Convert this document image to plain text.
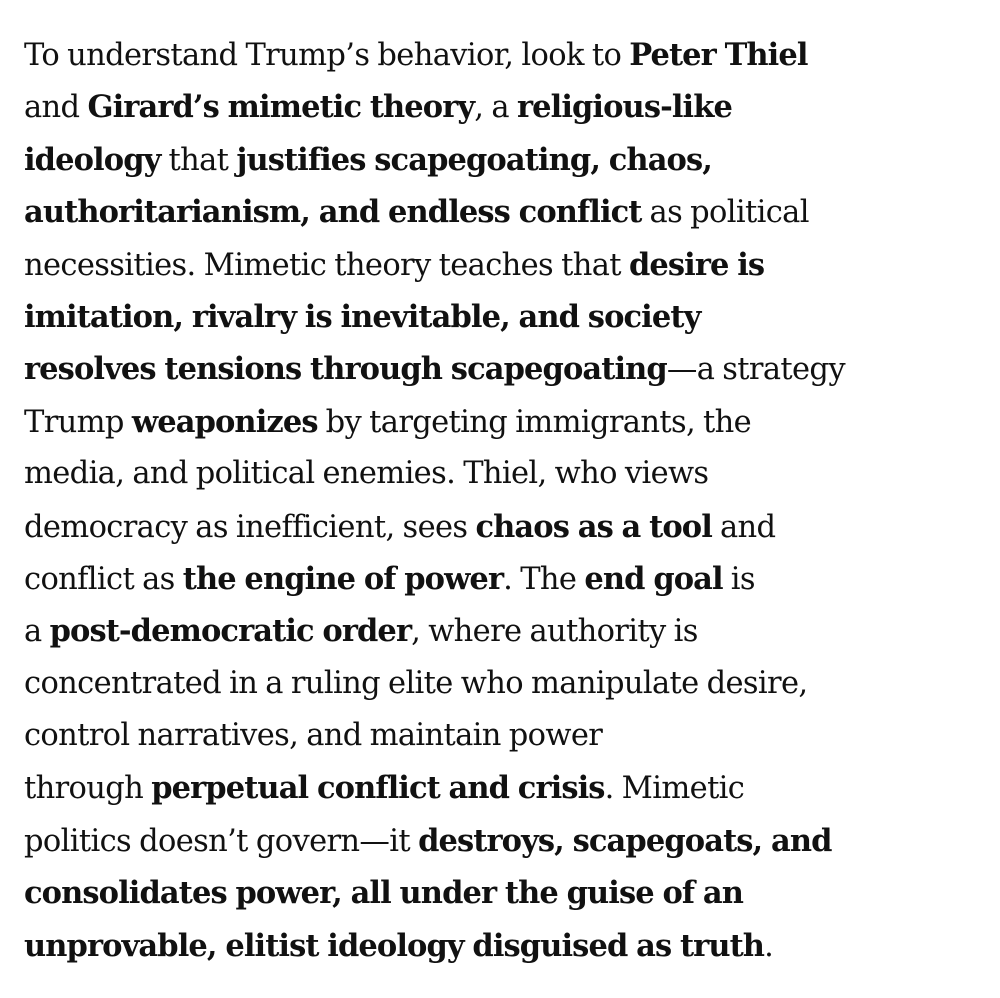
To understand Trump’s behavior, look to Peter Thiel
and Girard’s mimetic theory, a religious-like
ideology that justifies scapegoating, chaos,
authoritarianism, and endless conflict as political
necessities. Mimetic theory teaches that desire is
imitation, rivalry is inevitable, and society
resolves tensions through scapegoating—a strategy
Trump weaponizes by targeting immigrants, the
media, and political enemies. Thiel, who views
democracy as inefficient, sees chaos as a tool and
conflict as the engine of power. The end goal is
a post-democratic order, where authority is
concentrated in a ruling elite who manipulate desire,
control narratives, and maintain power
through perpetual conflict and crisis. Mimetic
politics doesn’t govern—it destroys, scapegoats, and
consolidates power, all under the guise of an
unprovable, elitist ideology disguised as truth.
